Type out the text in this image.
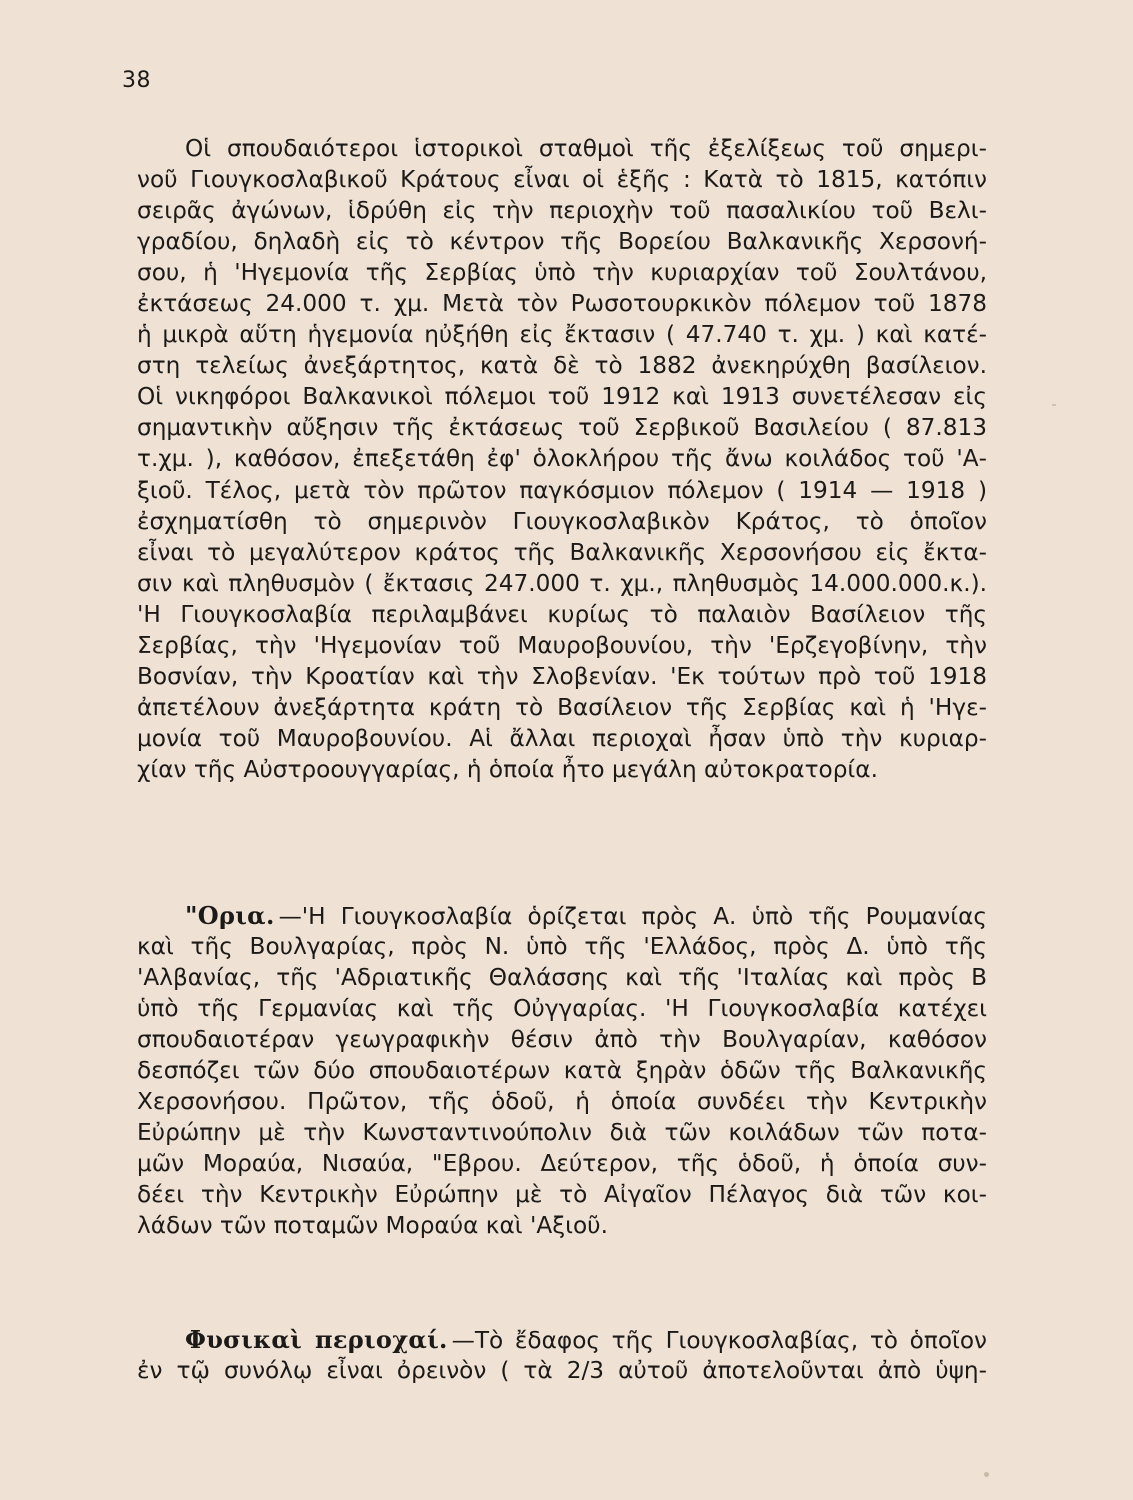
38
Οἱ σπουδαιότεροι ἱστορικοὶ σταθμοὶ τῆς ἐξελίξεως τοῦ σημερι-
νοῦ Γιουγκοσλαβικοῦ Κράτους εἶναι οἱ ἑξῆς : Κατὰ τὸ 1815, κατόπιν
σειρᾶς ἀγώνων, ἱδρύθη εἰς τὴν περιοχὴν τοῦ πασαλικίου τοῦ Βελι-
γραδίου, δηλαδὴ εἰς τὸ κέντρον τῆς Βορείου Βαλκανικῆς Χερσονή-
σου, ἡ 'Ηγεμονία τῆς Σερβίας ὑπὸ τὴν κυριαρχίαν τοῦ Σουλτάνου,
ἐκτάσεως 24.000 τ. χμ. Μετὰ τὸν Ρωσοτουρκικὸν πόλεμον τοῦ 1878
ἡ μικρὰ αὕτη ἡγεμονία ηὐξήθη εἰς ἔκτασιν ( 47.740 τ. χμ. ) καὶ κατέ-
στη τελείως ἀνεξάρτητος, κατὰ δὲ τὸ 1882 ἀνεκηρύχθη βασίλειον.
Οἱ νικηφόροι Βαλκανικοὶ πόλεμοι τοῦ 1912 καὶ 1913 συνετέλεσαν εἰς
σημαντικὴν αὔξησιν τῆς ἐκτάσεως τοῦ Σερβικοῦ Βασιλείου ( 87.813
τ.χμ. ), καθόσον, ἐπεξετάθη ἐφ' ὁλοκλήρου τῆς ἄνω κοιλάδος τοῦ 'Α-
ξιοῦ. Τέλος, μετὰ τὸν πρῶτον παγκόσμιον πόλεμον ( 1914 — 1918 )
ἐσχηματίσθη τὸ σημερινὸν Γιουγκοσλαβικὸν Κράτος, τὸ ὁποῖον
εἶναι τὸ μεγαλύτερον κράτος τῆς Βαλκανικῆς Χερσονήσου εἰς ἔκτα-
σιν καὶ πληθυσμὸν ( ἔκτασις 247.000 τ. χμ., πληθυσμὸς 14.000.000.κ.).
'Η Γιουγκοσλαβία περιλαμβάνει κυρίως τὸ παλαιὸν Βασίλειον τῆς
Σερβίας, τὴν 'Ηγεμονίαν τοῦ Μαυροβουνίου, τὴν 'Ερζεγοβίνην, τὴν
Βοσνίαν, τὴν Κροατίαν καὶ τὴν Σλοβενίαν. 'Εκ τούτων πρὸ τοῦ 1918
ἀπετέλουν ἀνεξάρτητα κράτη τὸ Βασίλειον τῆς Σερβίας καὶ ἡ 'Ηγε-
μονία τοῦ Μαυροβουνίου. Αἱ ἄλλαι περιοχαὶ ἦσαν ὑπὸ τὴν κυριαρ-
χίαν τῆς Αὐστροουγγαρίας, ἡ ὁποία ἦτο μεγάλη αὐτοκρατορία.
"Ορια. —'Η Γιουγκοσλαβία ὁρίζεται πρὸς Α. ὑπὸ τῆς Ρουμανίας
καὶ τῆς Βουλγαρίας, πρὸς Ν. ὑπὸ τῆς 'Ελλάδος, πρὸς Δ. ὑπὸ τῆς
'Αλβανίας, τῆς 'Αδριατικῆς Θαλάσσης καὶ τῆς 'Ιταλίας καὶ πρὸς Β
ὑπὸ τῆς Γερμανίας καὶ τῆς Οὐγγαρίας. 'Η Γιουγκοσλαβία κατέχει
σπουδαιοτέραν γεωγραφικὴν θέσιν ἀπὸ τὴν Βουλγαρίαν, καθόσον
δεσπόζει τῶν δύο σπουδαιοτέρων κατὰ ξηρὰν ὁδῶν τῆς Βαλκανικῆς
Χερσονήσου. Πρῶτον, τῆς ὁδοῦ, ἡ ὁποία συνδέει τὴν Κεντρικὴν
Εὐρώπην μὲ τὴν Κωνσταντινούπολιν διὰ τῶν κοιλάδων τῶν ποτα-
μῶν Μοραύα, Νισαύα, "Εβρου. Δεύτερον, τῆς ὁδοῦ, ἡ ὁποία συν-
δέει τὴν Κεντρικὴν Εὐρώπην μὲ τὸ Αἰγαῖον Πέλαγος διὰ τῶν κοι-
λάδων τῶν ποταμῶν Μοραύα καὶ 'Αξιοῦ.
Φυσικαὶ περιοχαί. —Τὸ ἔδαφος τῆς Γιουγκοσλαβίας, τὸ ὁποῖον
ἐν τῷ συνόλῳ εἶναι ὀρεινὸν ( τὰ 2/3 αὐτοῦ ἀποτελοῦνται ἀπὸ ὑψη-
